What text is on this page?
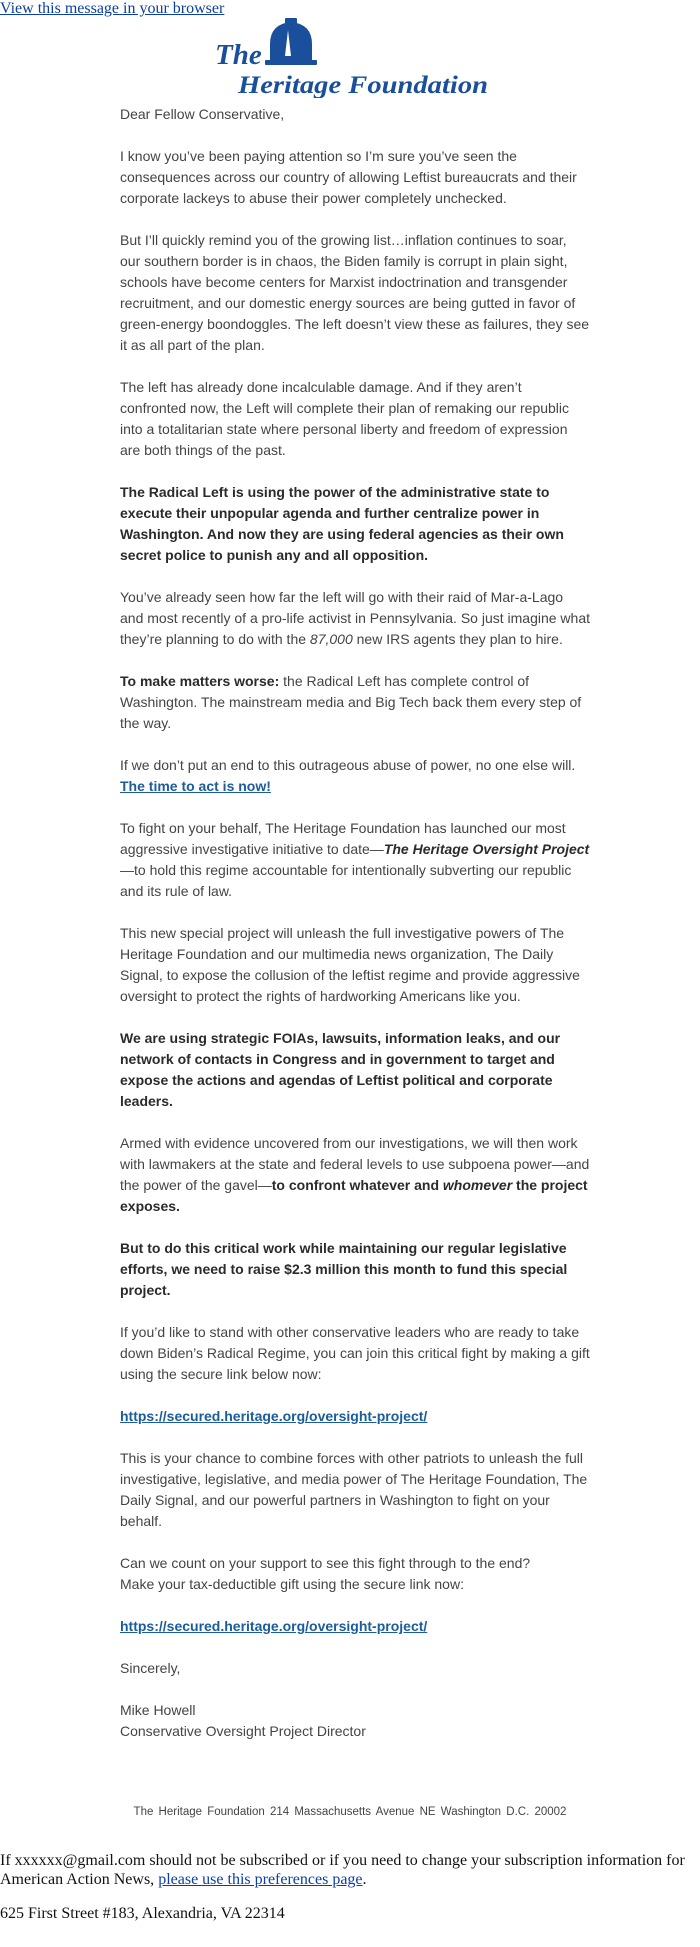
View this message in your browser
The
Heritage Foundation

Dear Fellow Conservative,

I know you’ve been paying attention so I’m sure you’ve seen the consequences across our country of allowing Leftist bureaucrats and their corporate lackeys to abuse their power completely unchecked.

But I’ll quickly remind you of the growing list…inflation continues to soar, our southern border is in chaos, the Biden family is corrupt in plain sight, schools have become centers for Marxist indoctrination and transgender recruitment, and our domestic energy sources are being gutted in favor of green-energy boondoggles. The left doesn’t view these as failures, they see it as all part of the plan.

The left has already done incalculable damage. And if they aren’t confronted now, the Left will complete their plan of remaking our republic into a totalitarian state where personal liberty and freedom of expression are both things of the past.

The Radical Left is using the power of the administrative state to execute their unpopular agenda and further centralize power in Washington. And now they are using federal agencies as their own secret police to punish any and all opposition.

You’ve already seen how far the left will go with their raid of Mar-a-Lago and most recently of a pro-life activist in Pennsylvania. So just imagine what they’re planning to do with the 87,000 new IRS agents they plan to hire.

To make matters worse: the Radical Left has complete control of Washington. The mainstream media and Big Tech back them every step of the way.

If we don’t put an end to this outrageous abuse of power, no one else will. The time to act is now!

To fight on your behalf, The Heritage Foundation has launched our most aggressive investigative initiative to date—The Heritage Oversight Project—to hold this regime accountable for intentionally subverting our republic and its rule of law.

This new special project will unleash the full investigative powers of The Heritage Foundation and our multimedia news organization, The Daily Signal, to expose the collusion of the leftist regime and provide aggressive oversight to protect the rights of hardworking Americans like you.

We are using strategic FOIAs, lawsuits, information leaks, and our network of contacts in Congress and in government to target and expose the actions and agendas of Leftist political and corporate leaders.

Armed with evidence uncovered from our investigations, we will then work with lawmakers at the state and federal levels to use subpoena power—and the power of the gavel—to confront whatever and whomever the project exposes.

But to do this critical work while maintaining our regular legislative efforts, we need to raise $2.3 million this month to fund this special project.

If you’d like to stand with other conservative leaders who are ready to take down Biden’s Radical Regime, you can join this critical fight by making a gift using the secure link below now:

https://secured.heritage.org/oversight-project/

This is your chance to combine forces with other patriots to unleash the full investigative, legislative, and media power of The Heritage Foundation, The Daily Signal, and our powerful partners in Washington to fight on your behalf.

Can we count on your support to see this fight through to the end?
Make your tax-deductible gift using the secure link now:

https://secured.heritage.org/oversight-project/

Sincerely,

Mike Howell
Conservative Oversight Project Director

The Heritage Foundation 214 Massachusetts Avenue NE Washington D.C. 20002
If xxxxxx@gmail.com should not be subscribed or if you need to change your subscription information for American Action News, please use this preferences page.
625 First Street #183, Alexandria, VA 22314
